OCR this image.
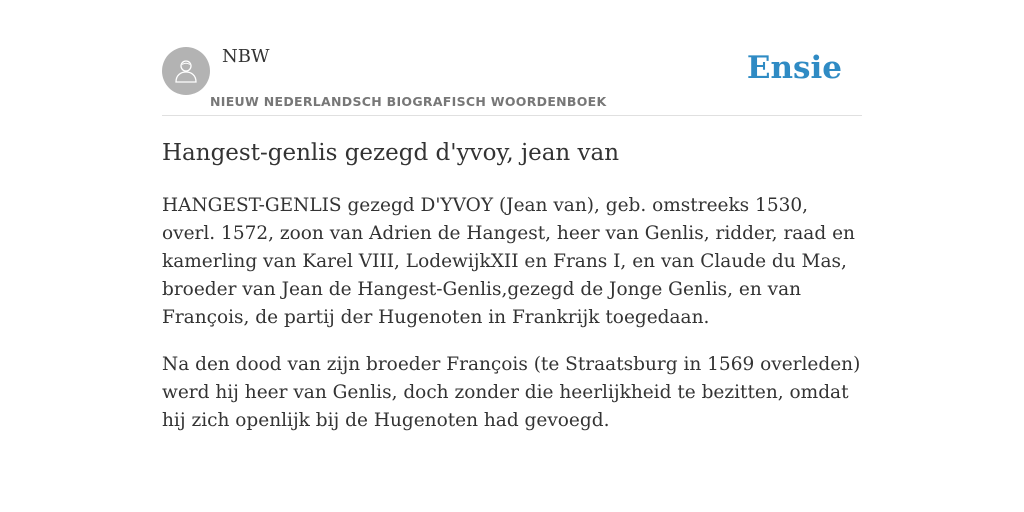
NBW
NIEUW NEDERLANDSCH BIOGRAFISCH WOORDENBOEK
Ensie
Hangest-genlis gezegd d'yvoy, jean van

HANGEST-GENLIS gezegd D'YVOY (Jean van), geb. omstreeks 1530, overl. 1572, zoon van Adrien de Hangest, heer van Genlis, ridder, raad en kamerling van Karel VIII, LodewijkXII en Frans I, en van Claude du Mas, broeder van Jean de Hangest-Genlis,gezegd de Jonge Genlis, en van François, de partij der Hugenoten in Frankrijk toegedaan.

Na den dood van zijn broeder François (te Straatsburg in 1569 overleden) werd hij heer van Genlis, doch zonder die heerlijkheid te bezitten, omdat hij zich openlijk bij de Hugenoten had gevoegd.
